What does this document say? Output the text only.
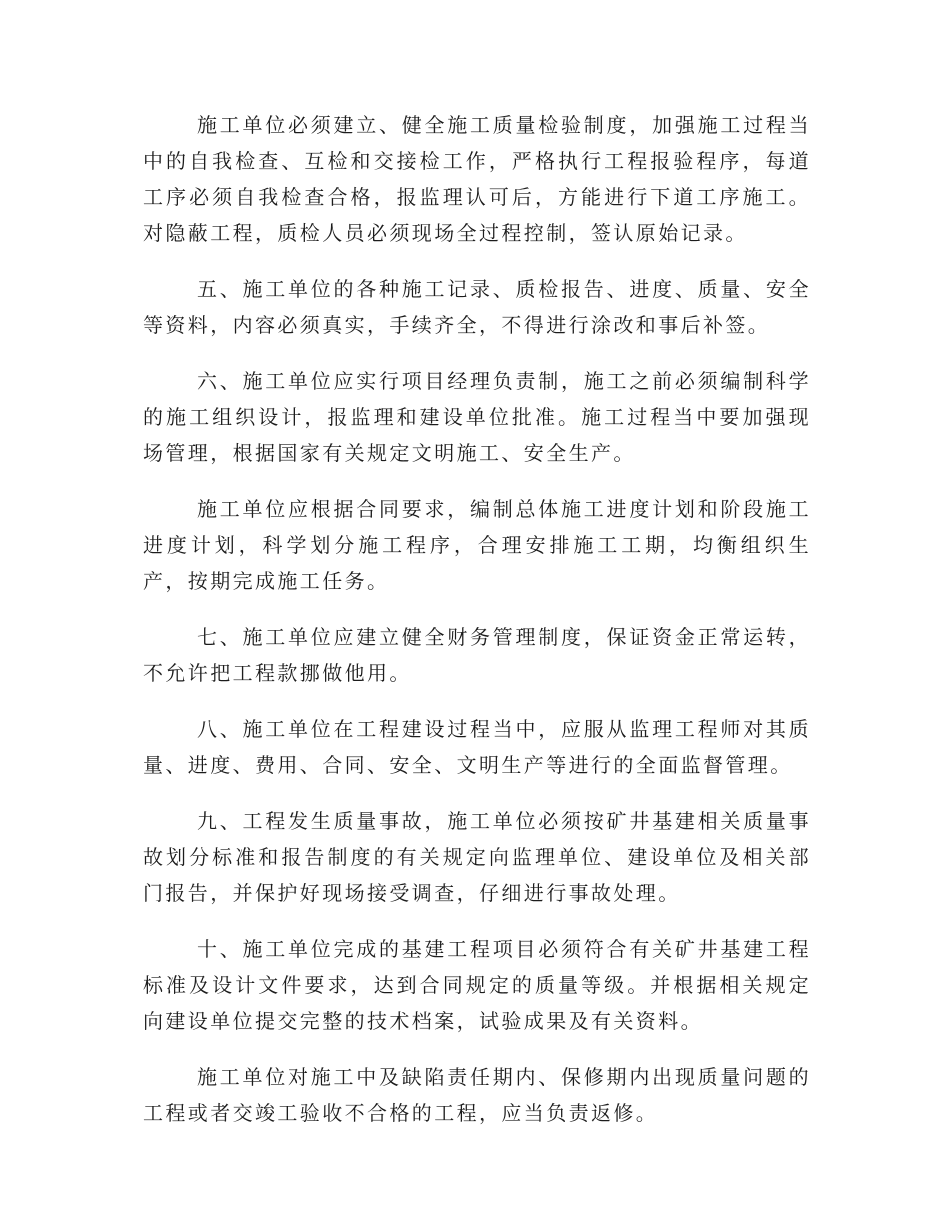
施工单位必须建立、健全施工质量检验制度，加强施工过程当中的自我检查、互检和交接检工作，严格执行工程报验程序，每道工序必须自我检查合格，报监理认可后，方能进行下道工序施工。对隐蔽工程，质检人员必须现场全过程控制，签认原始记录。

五、施工单位的各种施工记录、质检报告、进度、质量、安全等资料，内容必须真实，手续齐全，不得进行涂改和事后补签。

六、施工单位应实行项目经理负责制，施工之前必须编制科学的施工组织设计，报监理和建设单位批准。施工过程当中要加强现场管理，根据国家有关规定文明施工、安全生产。

施工单位应根据合同要求，编制总体施工进度计划和阶段施工进度计划，科学划分施工程序，合理安排施工工期，均衡组织生产，按期完成施工任务。

七、施工单位应建立健全财务管理制度，保证资金正常运转，不允许把工程款挪做他用。

八、施工单位在工程建设过程当中，应服从监理工程师对其质量、进度、费用、合同、安全、文明生产等进行的全面监督管理。

九、工程发生质量事故，施工单位必须按矿井基建相关质量事故划分标准和报告制度的有关规定向监理单位、建设单位及相关部门报告，并保护好现场接受调查，仔细进行事故处理。

十、施工单位完成的基建工程项目必须符合有关矿井基建工程标准及设计文件要求，达到合同规定的质量等级。并根据相关规定向建设单位提交完整的技术档案，试验成果及有关资料。

施工单位对施工中及缺陷责任期内、保修期内出现质量问题的工程或者交竣工验收不合格的工程，应当负责返修。
